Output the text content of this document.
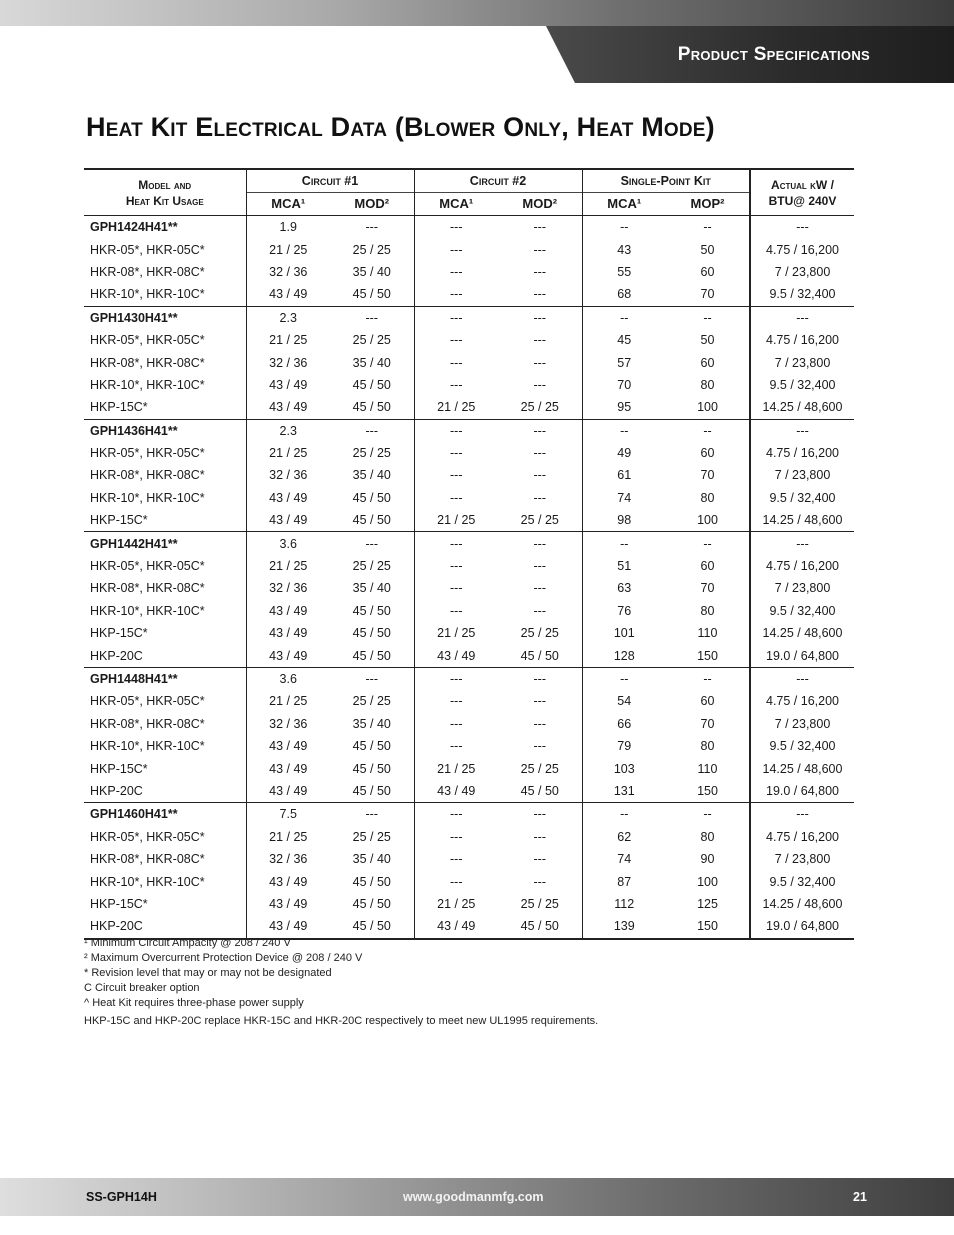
Product Specifications
Heat Kit Electrical Data (Blower Only, Heat Mode)
Model and
Heat Kit Usage	Circuit #1		Circuit #2		Single-Point Kit		Actual kW /
BTU@ 240V
	MCA¹	MOD²	MCA¹	MOD²	MCA¹	MOP²	
GPH1424H41**	1.9	---	---	---	--	--	---
HKR-05*, HKR-05C*	21 / 25	25 / 25	---	---	43	50	4.75 / 16,200
HKR-08*, HKR-08C*	32 / 36	35 / 40	---	---	55	60	7 / 23,800
HKR-10*, HKR-10C*	43 / 49	45 / 50	---	---	68	70	9.5 / 32,400
GPH1430H41**	2.3	---	---	---	--	--	---
HKR-05*, HKR-05C*	21 / 25	25 / 25	---	---	45	50	4.75 / 16,200
HKR-08*, HKR-08C*	32 / 36	35 / 40	---	---	57	60	7 / 23,800
HKR-10*, HKR-10C*	43 / 49	45 / 50	---	---	70	80	9.5 / 32,400
HKP-15C*	43 / 49	45 / 50	21 / 25	25 / 25	95	100	14.25 / 48,600
GPH1436H41**	2.3	---	---	---	--	--	---
HKR-05*, HKR-05C*	21 / 25	25 / 25	---	---	49	60	4.75 / 16,200
HKR-08*, HKR-08C*	32 / 36	35 / 40	---	---	61	70	7 / 23,800
HKR-10*, HKR-10C*	43 / 49	45 / 50	---	---	74	80	9.5 / 32,400
HKP-15C*	43 / 49	45 / 50	21 / 25	25 / 25	98	100	14.25 / 48,600
GPH1442H41**	3.6	---	---	---	--	--	---
HKR-05*, HKR-05C*	21 / 25	25 / 25	---	---	51	60	4.75 / 16,200
HKR-08*, HKR-08C*	32 / 36	35 / 40	---	---	63	70	7 / 23,800
HKR-10*, HKR-10C*	43 / 49	45 / 50	---	---	76	80	9.5 / 32,400
HKP-15C*	43 / 49	45 / 50	21 / 25	25 / 25	101	110	14.25 / 48,600
HKP-20C	43 / 49	45 / 50	43 / 49	45 / 50	128	150	19.0 / 64,800
GPH1448H41**	3.6	---	---	---	--	--	---
HKR-05*, HKR-05C*	21 / 25	25 / 25	---	---	54	60	4.75 / 16,200
HKR-08*, HKR-08C*	32 / 36	35 / 40	---	---	66	70	7 / 23,800
HKR-10*, HKR-10C*	43 / 49	45 / 50	---	---	79	80	9.5 / 32,400
HKP-15C*	43 / 49	45 / 50	21 / 25	25 / 25	103	110	14.25 / 48,600
HKP-20C	43 / 49	45 / 50	43 / 49	45 / 50	131	150	19.0 / 64,800
GPH1460H41**	7.5	---	---	---	--	--	---
HKR-05*, HKR-05C*	21 / 25	25 / 25	---	---	62	80	4.75 / 16,200
HKR-08*, HKR-08C*	32 / 36	35 / 40	---	---	74	90	7 / 23,800
HKR-10*, HKR-10C*	43 / 49	45 / 50	---	---	87	100	9.5 / 32,400
HKP-15C*	43 / 49	45 / 50	21 / 25	25 / 25	112	125	14.25 / 48,600
HKP-20C	43 / 49	45 / 50	43 / 49	45 / 50	139	150	19.0 / 64,800
¹ Minimum Circuit Ampacity @ 208 / 240 V
² Maximum Overcurrent Protection Device @ 208 / 240 V
* Revision level that may or may not be designated
C Circuit breaker option
^ Heat Kit requires three-phase power supply
HKP-15C and HKP-20C replace HKR-15C and HKR-20C respectively to meet new UL1995 requirements.
SS-GPH14H	www.goodmanmfg.com	21
